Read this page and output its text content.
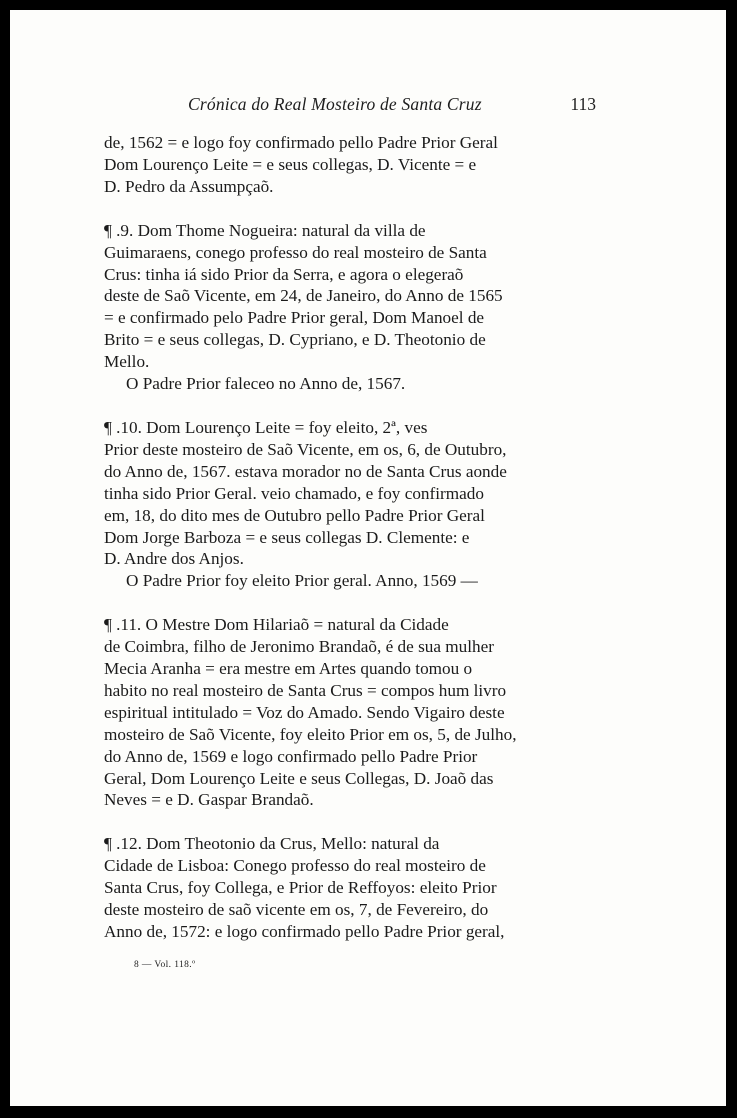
Crónica do Real Mosteiro de Santa Cruz	113

de, 1562 = e logo foy confirmado pello Padre Prior Geral

Dom Lourenço Leite = e seus collegas, D. Vicente = e

D. Pedro da Assumpçaõ.

¶ .9. Dom Thome Nogueira: natural da villa de

Guimaraens, conego professo do real mosteiro de Santa

Crus: tinha iá sido Prior da Serra, e agora o elegeraõ

deste de Saõ Vicente, em 24, de Janeiro, do Anno de 1565

= e confirmado pelo Padre Prior geral, Dom Manoel de

Brito = e seus collegas, D. Cypriano, e D. Theotonio de

Mello.

O Padre Prior faleceo no Anno de, 1567.

¶ .10. Dom Lourenço Leite = foy eleito, 2ª, ves

Prior deste mosteiro de Saõ Vicente, em os, 6, de Outubro,

do Anno de, 1567. estava morador no de Santa Crus aonde

tinha sido Prior Geral. veio chamado, e foy confirmado

em, 18, do dito mes de Outubro pello Padre Prior Geral

Dom Jorge Barboza = e seus collegas D. Clemente: e

D. Andre dos Anjos.

O Padre Prior foy eleito Prior geral. Anno, 1569 —

¶ .11. O Mestre Dom Hilariaõ = natural da Cidade

de Coimbra, filho de Jeronimo Brandaõ, é de sua mulher

Mecia Aranha = era mestre em Artes quando tomou o

habito no real mosteiro de Santa Crus = compos hum livro

espiritual intitulado = Voz do Amado. Sendo Vigairo deste

mosteiro de Saõ Vicente, foy eleito Prior em os, 5, de Julho,

do Anno de, 1569 e logo confirmado pello Padre Prior

Geral, Dom Lourenço Leite e seus Collegas, D. Joaõ das

Neves = e D. Gaspar Brandaõ.

¶ .12. Dom Theotonio da Crus, Mello: natural da

Cidade de Lisboa: Conego professo do real mosteiro de

Santa Crus, foy Collega, e Prior de Reffoyos: eleito Prior

deste mosteiro de saõ vicente em os, 7, de Fevereiro, do

Anno de, 1572: e logo confirmado pello Padre Prior geral,

8 — Vol. 118.º
